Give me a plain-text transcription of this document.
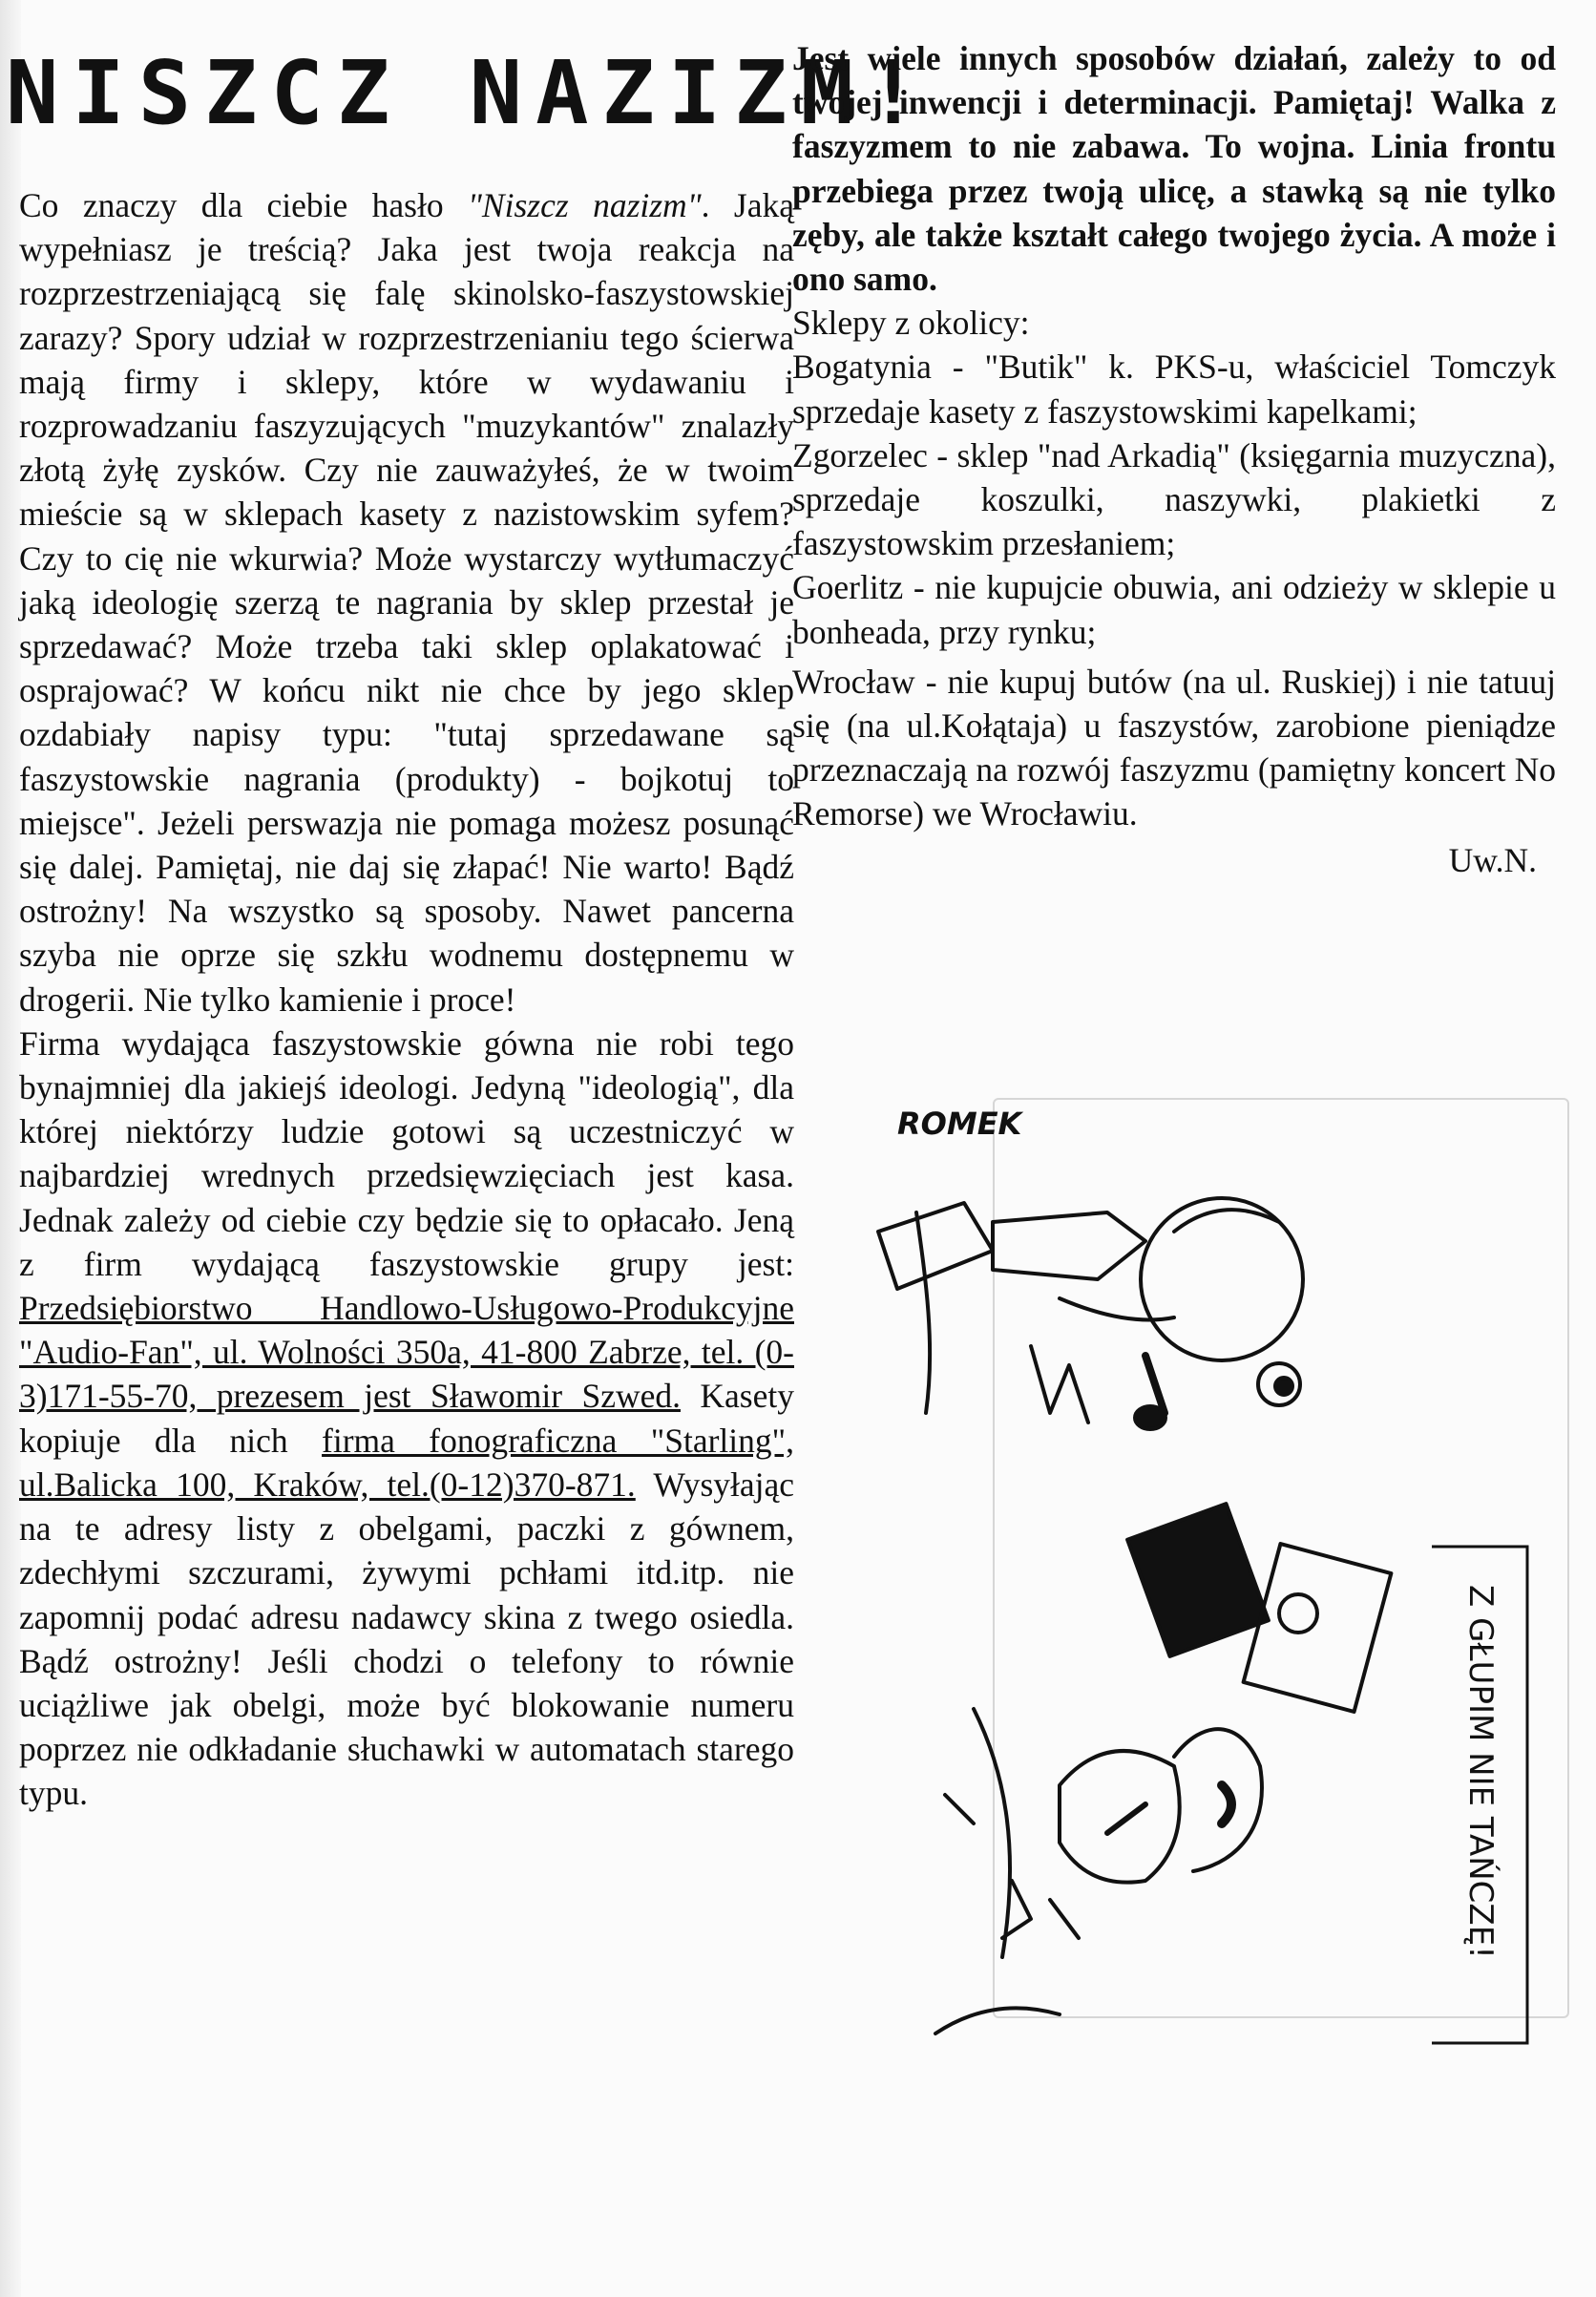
NISZCZ NAZIZM!

Co znaczy dla ciebie hasło "Niszcz nazizm". Jaką wypełniasz je treścią? Jaka jest twoja reakcja na rozprzestrzeniającą się falę skinolsko-faszystowskiej zarazy? Spory udział w rozprzestrzenianiu tego ścierwa mają firmy i sklepy, które w wydawaniu i rozprowadzaniu faszyzujących "muzykantów" znalazły złotą żyłę zysków. Czy nie zauważyłeś, że w twoim mieście są w sklepach kasety z nazistowskim syfem? Czy to cię nie wkurwia? Może wystarczy wytłumaczyć jaką ideologię szerzą te nagrania by sklep przestał je sprzedawać? Może trzeba taki sklep oplakatować i osprajować? W końcu nikt nie chce by jego sklep ozdabiały napisy typu: "tutaj sprzedawane są faszystowskie nagrania (produkty) - bojkotuj to miejsce". Jeżeli perswazja nie pomaga możesz posunąć się dalej. Pamiętaj, nie daj się złapać! Nie warto! Bądź ostrożny! Na wszystko są sposoby. Nawet pancerna szyba nie oprze się szkłu wodnemu dostępnemu w drogerii. Nie tylko kamienie i proce!

Firma wydająca faszystowskie gówna nie robi tego bynajmniej dla jakiejś ideologi. Jedyną "ideologią", dla której niektórzy ludzie gotowi są uczestniczyć w najbardziej wrednych przedsięwzięciach jest kasa. Jednak zależy od ciebie czy będzie się to opłacało. Jeną z firm wydającą faszystowskie grupy jest: Przedsiębiorstwo Handlowo-Usługowo-Produkcyjne "Audio-Fan", ul. Wolności 350a, 41-800 Zabrze, tel. (0-3)171-55-70, prezesem jest Sławomir Szwed. Kasety kopiuje dla nich firma fonograficzna "Starling", ul.Balicka 100, Kraków, tel.(0-12)370-871. Wysyłając na te adresy listy z obelgami, paczki z gównem, zdechłymi szczurami, żywymi pchłami itd.itp. nie zapomnij podać adresu nadawcy skina z twego osiedla. Bądź ostrożny! Jeśli chodzi o telefony to równie uciążliwe jak obelgi, może być blokowanie numeru poprzez nie odkładanie słuchawki w automatach starego typu.

Jest wiele innych sposobów działań, zależy to od twojej inwencji i determinacji. Pamiętaj! Walka z faszyzmem to nie zabawa. To wojna. Linia frontu przebiega przez twoją ulicę, a stawką są nie tylko zęby, ale także kształt całego twojego życia. A może i ono samo.

Sklepy z okolicy:

Bogatynia - "Butik" k. PKS-u, właściciel Tomczyk sprzedaje kasety z faszystowskimi kapelkami;

Zgorzelec - sklep "nad Arkadią" (księgarnia muzyczna), sprzedaje koszulki, naszywki, plakietki z faszystowskim przesłaniem;

Goerlitz - nie kupujcie obuwia, ani odzieży w sklepie u bonheada, przy rynku;

Wrocław - nie kupuj butów (na ul. Ruskiej) i nie tatuuj się (na ul.Kołątaja) u faszystów, zarobione pieniądze przeznaczają na rozwój faszyzmu (pamiętny koncert No Remorse) we Wrocławiu.

Uw.N.

ROMEK
Z GŁUPIM NIE TAŃCZĘ!
